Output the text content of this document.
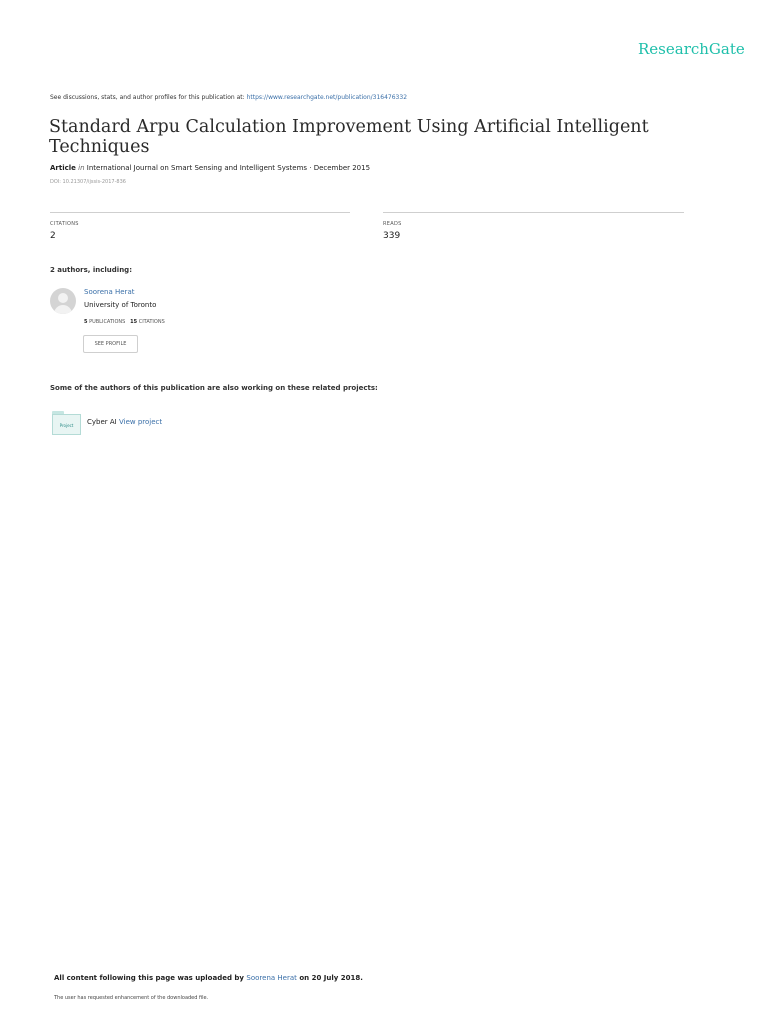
ResearchGate
See discussions, stats, and author profiles for this publication at: https://www.researchgate.net/publication/316476332
Standard Arpu Calculation Improvement Using Artificial Intelligent Techniques
Article in International Journal on Smart Sensing and Intelligent Systems · December 2015
DOI: 10.21307/ijssis-2017-836
CITATIONS
2
READS
339
2 authors, including:
Soorena Herat
University of Toronto
5 PUBLICATIONS 15 CITATIONS
SEE PROFILE
Some of the authors of this publication are also working on these related projects:
Project	Cyber AI View project
All content following this page was uploaded by Soorena Herat on 20 July 2018.
The user has requested enhancement of the downloaded file.
